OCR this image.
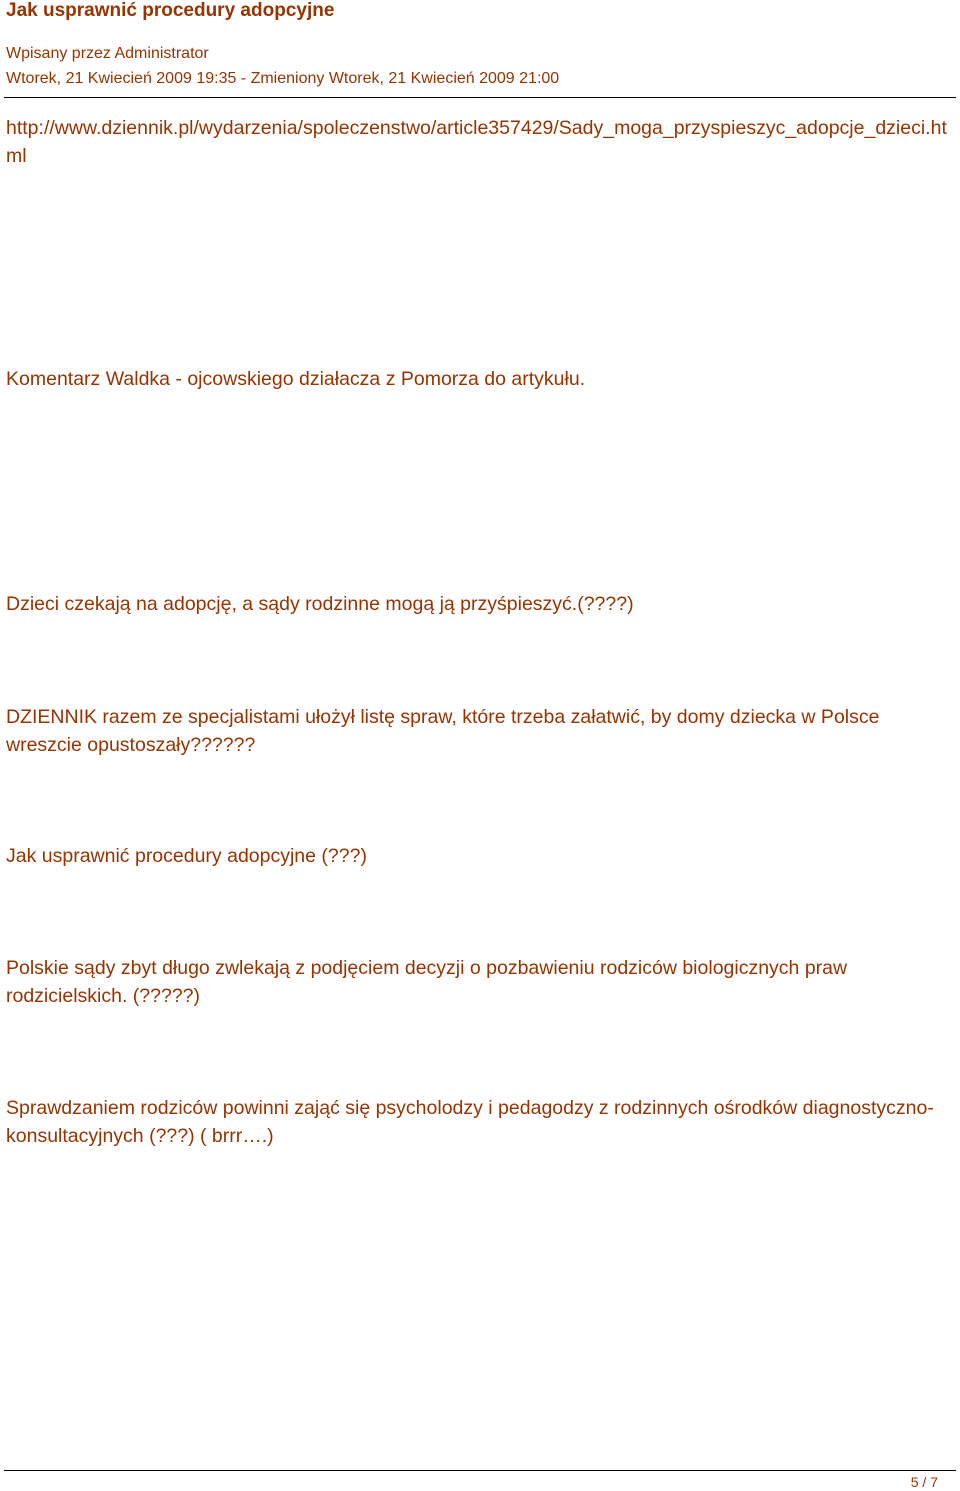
Jak usprawnić procedury adopcyjne
Wpisany przez Administrator
Wtorek, 21 Kwiecień 2009 19:35 - Zmieniony Wtorek, 21 Kwiecień 2009 21:00
http://www.dziennik.pl/wydarzenia/spoleczenstwo/article357429/Sady_moga_przyspieszyc_adopcje_dzieci.html
Komentarz Waldka - ojcowskiego działacza z Pomorza do artykułu.
Dzieci czekają na adopcję, a sądy rodzinne mogą ją przyśpieszyć.(????)
DZIENNIK razem ze specjalistami ułożył listę spraw, które trzeba załatwić, by domy dziecka w Polsce wreszcie opustoszały??????
Jak usprawnić procedury adopcyjne (???)
Polskie sądy zbyt długo zwlekają z podjęciem decyzji o pozbawieniu rodziców biologicznych praw rodzicielskich. (?????)
Sprawdzaniem rodziców powinni zająć się psycholodzy i pedagodzy z rodzinnych ośrodków diagnostyczno-konsultacyjnych (???) ( brrr….)
5 / 7
